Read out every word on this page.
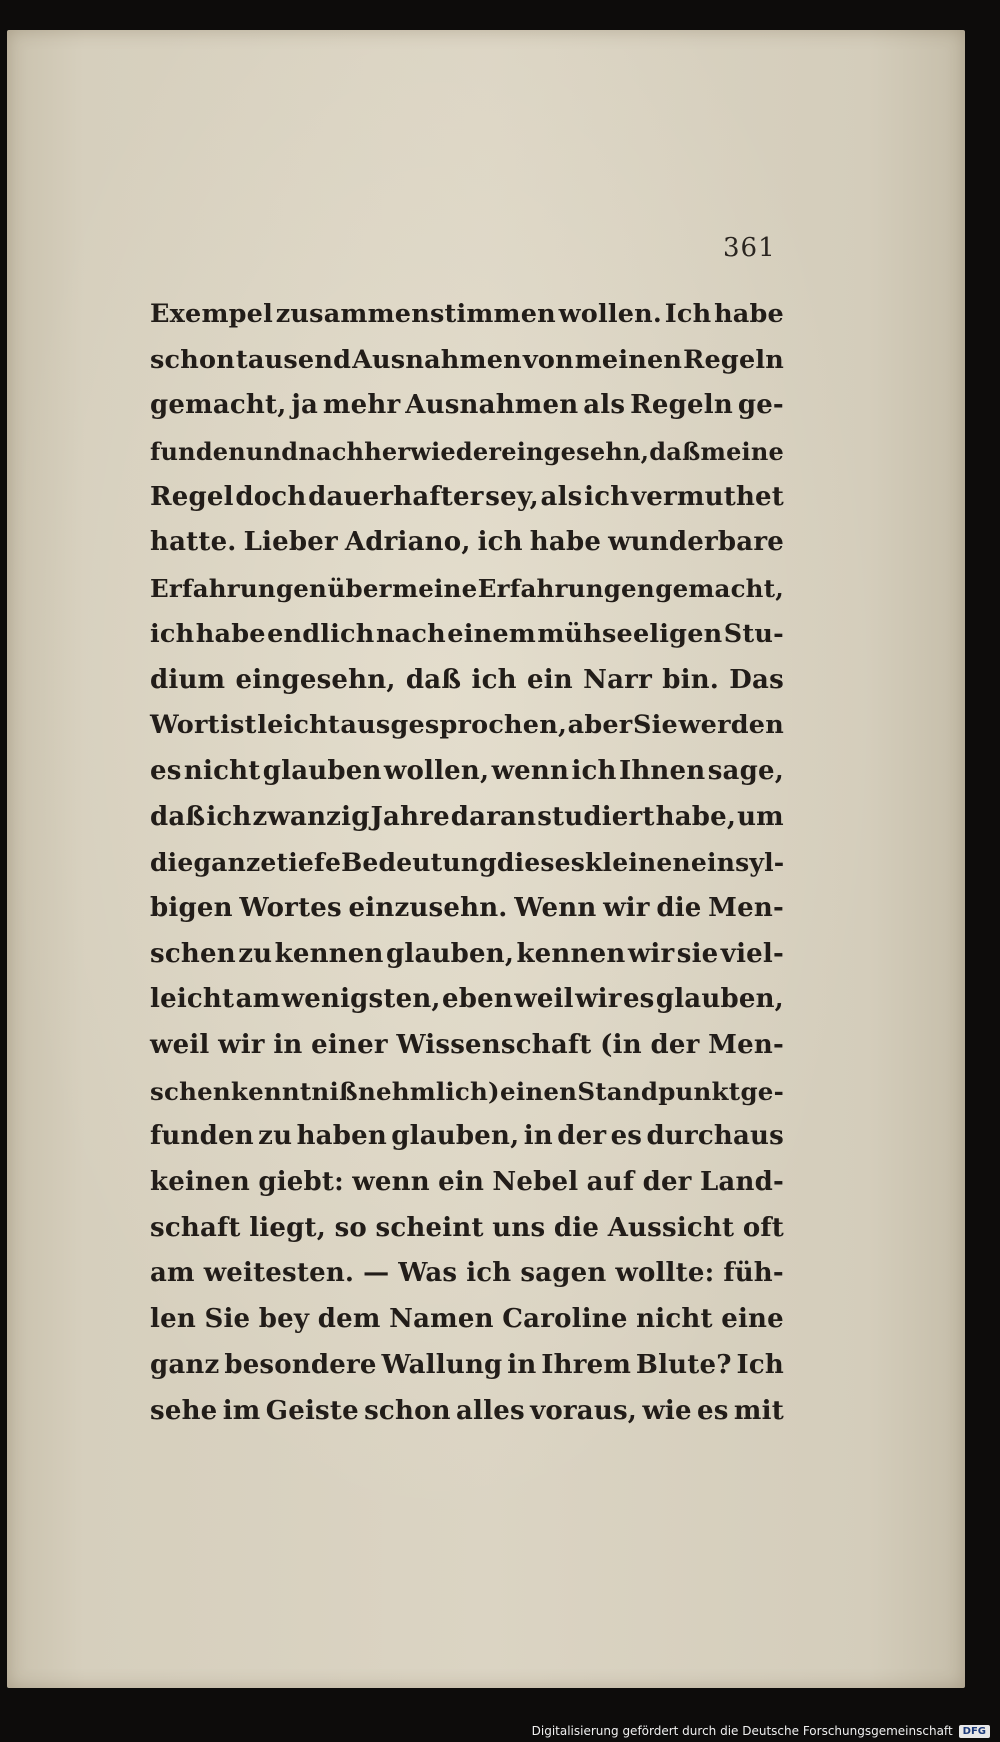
361
Exempel zusammenstimmen wollen. Ich habe
schon tausend Ausnahmen von meinen Regeln
gemacht, ja mehr Ausnahmen als Regeln ge-
funden und nachher wieder eingesehn, daß meine
Regel doch dauerhafter sey, als ich vermuthet
hatte. Lieber Adriano, ich habe wunderbare
Erfahrungen über meine Erfahrungen gemacht,
ich habe endlich nach einem mühseeligen Stu-
dium eingesehn, daß ich ein Narr bin. Das
Wort ist leicht ausgesprochen, aber Sie werden
es nicht glauben wollen, wenn ich Ihnen sage,
daß ich zwanzig Jahre daran studiert habe, um
die ganze tiefe Bedeutung dieses kleinen einsyl-
bigen Wortes einzusehn. Wenn wir die Men-
schen zu kennen glauben, kennen wir sie viel-
leicht am wenigsten, eben weil wir es glauben,
weil wir in einer Wissenschaft (in der Men-
schenkenntniß nehmlich) einen Standpunkt ge-
funden zu haben glauben, in der es durchaus
keinen giebt: wenn ein Nebel auf der Land-
schaft liegt, so scheint uns die Aussicht oft
am weitesten. — Was ich sagen wollte: füh-
len Sie bey dem Namen Caroline nicht eine
ganz besondere Wallung in Ihrem Blute? Ich
sehe im Geiste schon alles voraus, wie es mit
Digitalisierung gefördert durch die Deutsche Forschungsgemeinschaft	DFG
